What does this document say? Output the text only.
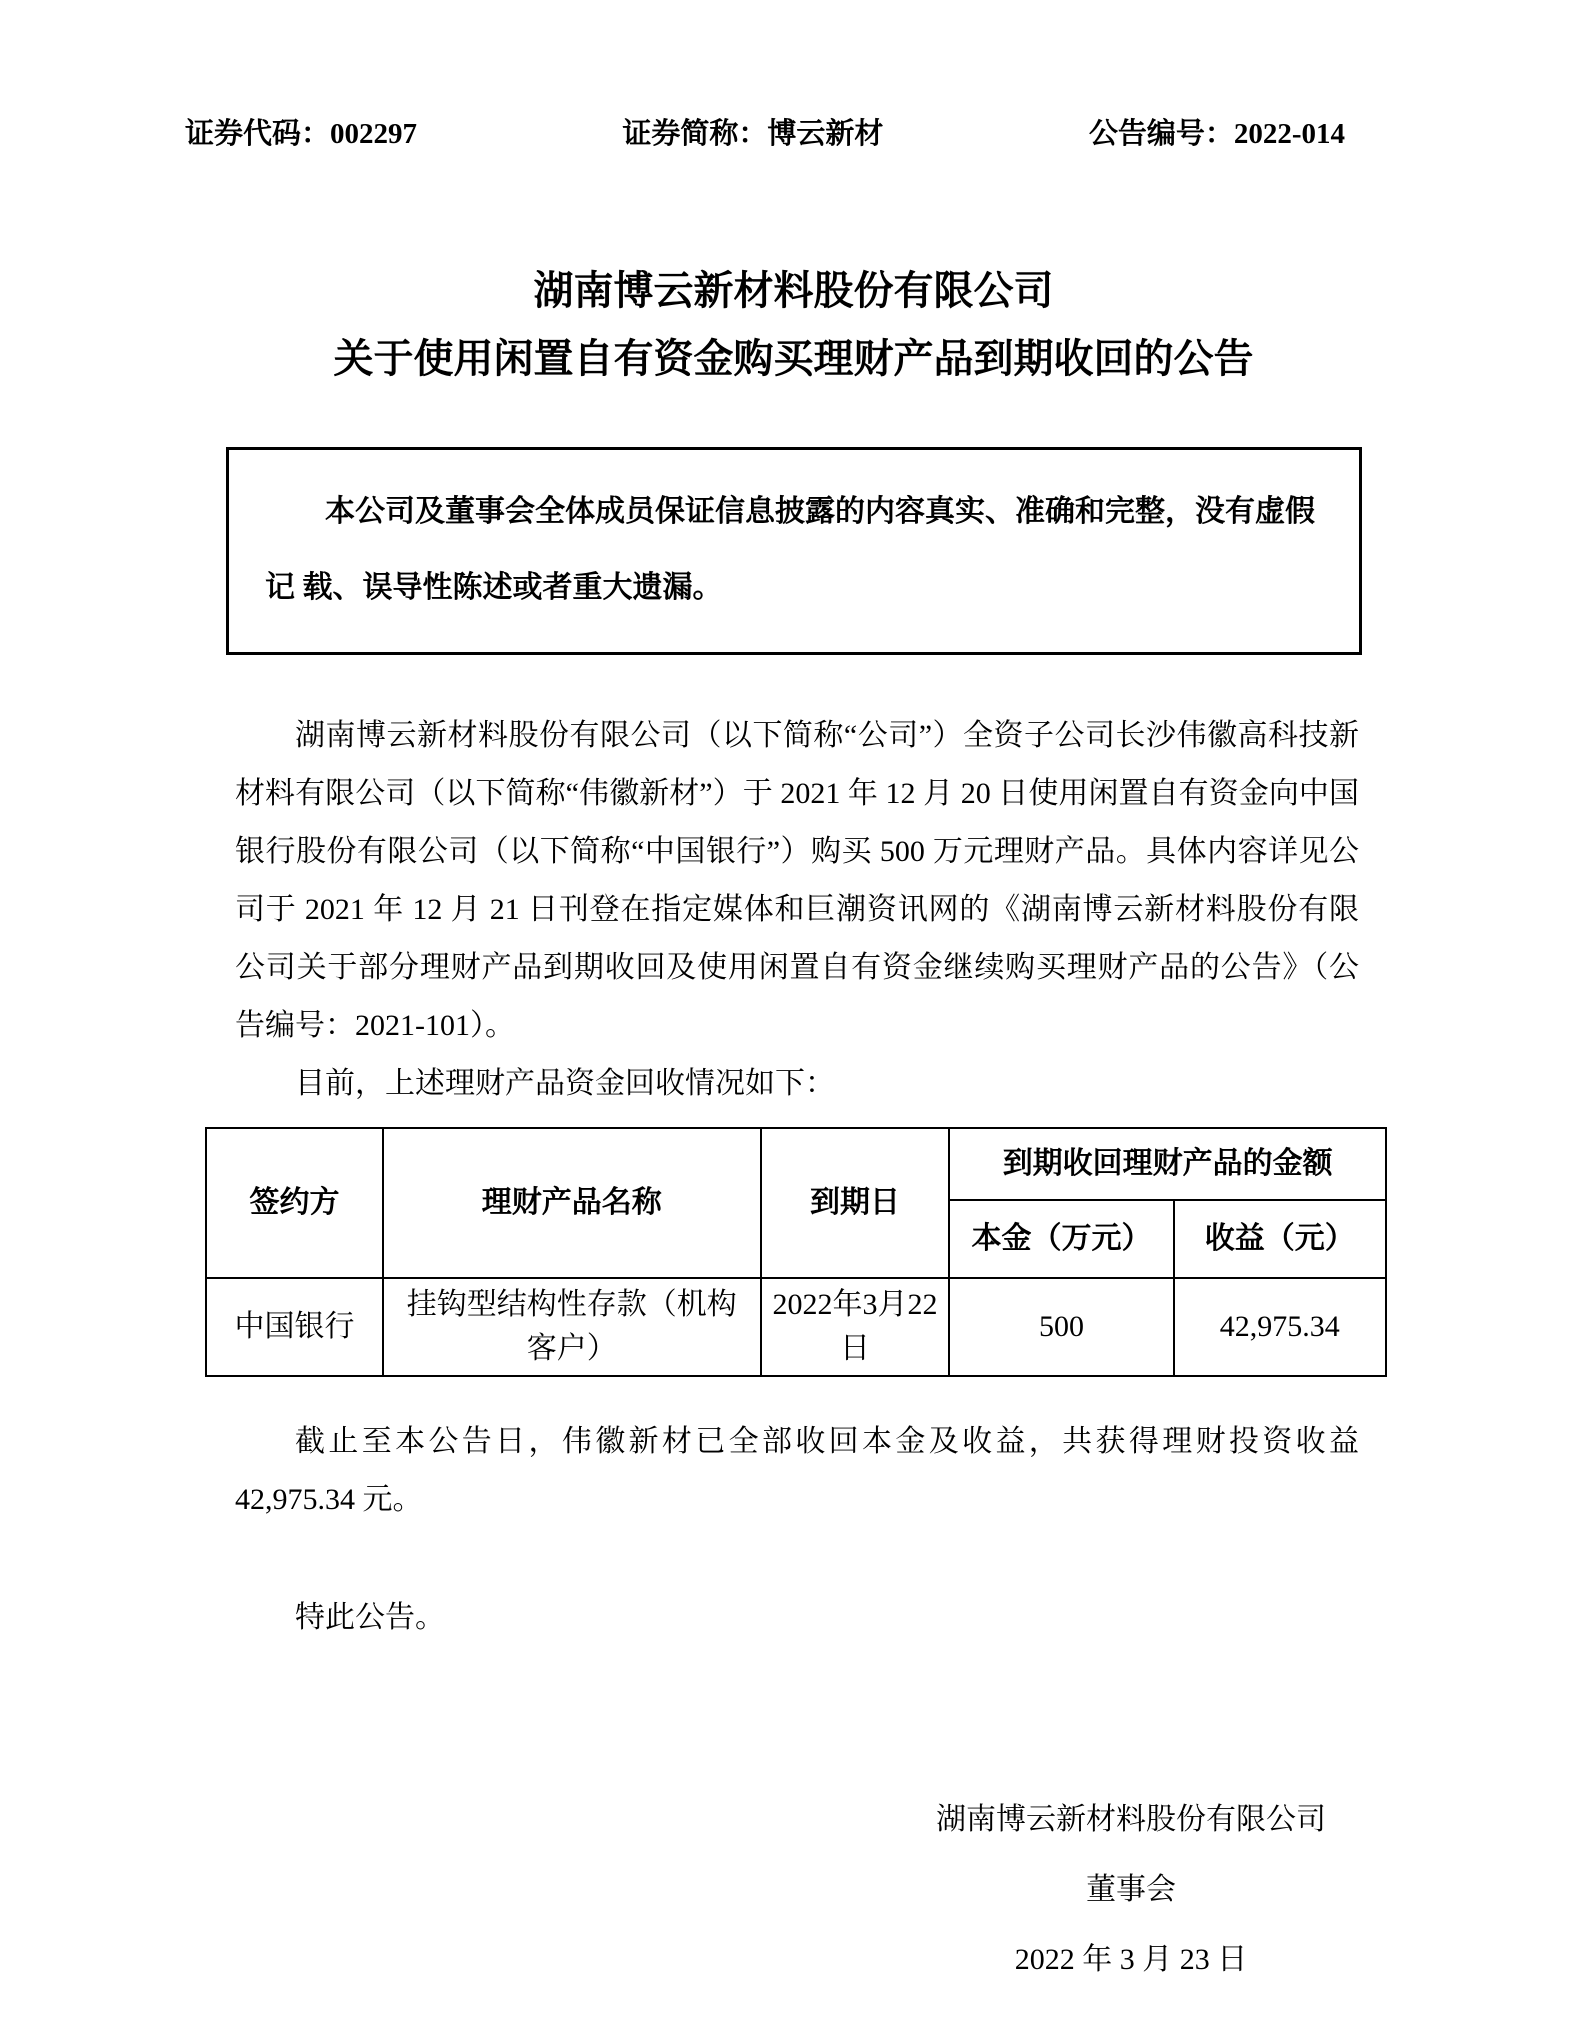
证券代码：002297	证券简称：博云新材	公告编号：2022-014
湖南博云新材料股份有限公司
关于使用闲置自有资金购买理财产品到期收回的公告
本公司及董事会全体成员保证信息披露的内容真实、准确和完整，没有虚假
记 载、误导性陈述或者重大遗漏。

湖南博云新材料股份有限公司（以下简称“公司”）全资子公司长沙伟徽高科技新材料有限公司（以下简称“伟徽新材”）于 2021 年 12 月 20 日使用闲置自有资金向中国银行股份有限公司（以下简称“中国银行”）购买 500 万元理财产品。具体内容详见公司于 2021 年 12 月 21 日刊登在指定媒体和巨潮资讯网的《湖南博云新材料股份有限公司关于部分理财产品到期收回及使用闲置自有资金继续购买理财产品的公告》（公告编号：2021-101）。

目前，上述理财产品资金回收情况如下：

签约方	理财产品名称	到期日	到期收回理财产品的金额	
			本金（万元）	收益（元）
中国银行	挂钩型结构性存款（机构客户）	2022年3月22日	500	42,975.34

截止至本公告日，伟徽新材已全部收回本金及收益，共获得理财投资收益 42,975.34 元。

特此公告。

湖南博云新材料股份有限公司
董事会
2022 年 3 月 23 日
